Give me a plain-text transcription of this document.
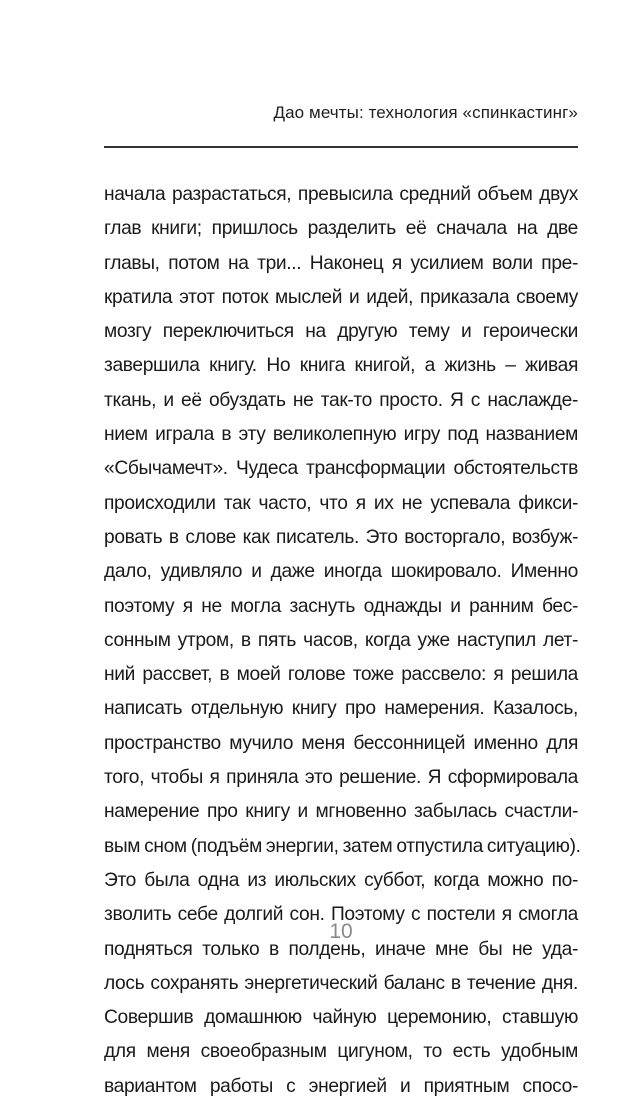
Дао мечты: технология «спинкастинг»
начала разрастаться, превысила средний объем двух
глав книги; пришлось разделить её сначала на две
главы, потом на три... Наконец я усилием воли пре-
кратила этот поток мыслей и идей, приказала своему
мозгу переключиться на другую тему и героически
завершила книгу. Но книга книгой, а жизнь – живая
ткань, и её обуздать не так-то просто. Я с наслажде-
нием играла в эту великолепную игру под названием
«Сбычамечт». Чудеса трансформации обстоятельств
происходили так часто, что я их не успевала фикси-
ровать в слове как писатель. Это восторгало, возбуж-
дало, удивляло и даже иногда шокировало. Именно
поэтому я не могла заснуть однажды и ранним бес-
сонным утром, в пять часов, когда уже наступил лет-
ний рассвет, в моей голове тоже рассвело: я решила
написать отдельную книгу про намерения. Казалось,
пространство мучило меня бессонницей именно для
того, чтобы я приняла это решение. Я сформировала
намерение про книгу и мгновенно забылась счастли-
вым сном (подъём энергии, затем отпустила ситуацию).
Это была одна из июльских суббот, когда можно по-
зволить себе долгий сон. Поэтому с постели я смогла
подняться только в полдень, иначе мне бы не уда-
лось сохранять энергетический баланс в течение дня.
Совершив домашнюю чайную церемонию, ставшую
для меня своеобразным цигуном, то есть удобным
вариантом работы с энергией и приятным спосо-
10
